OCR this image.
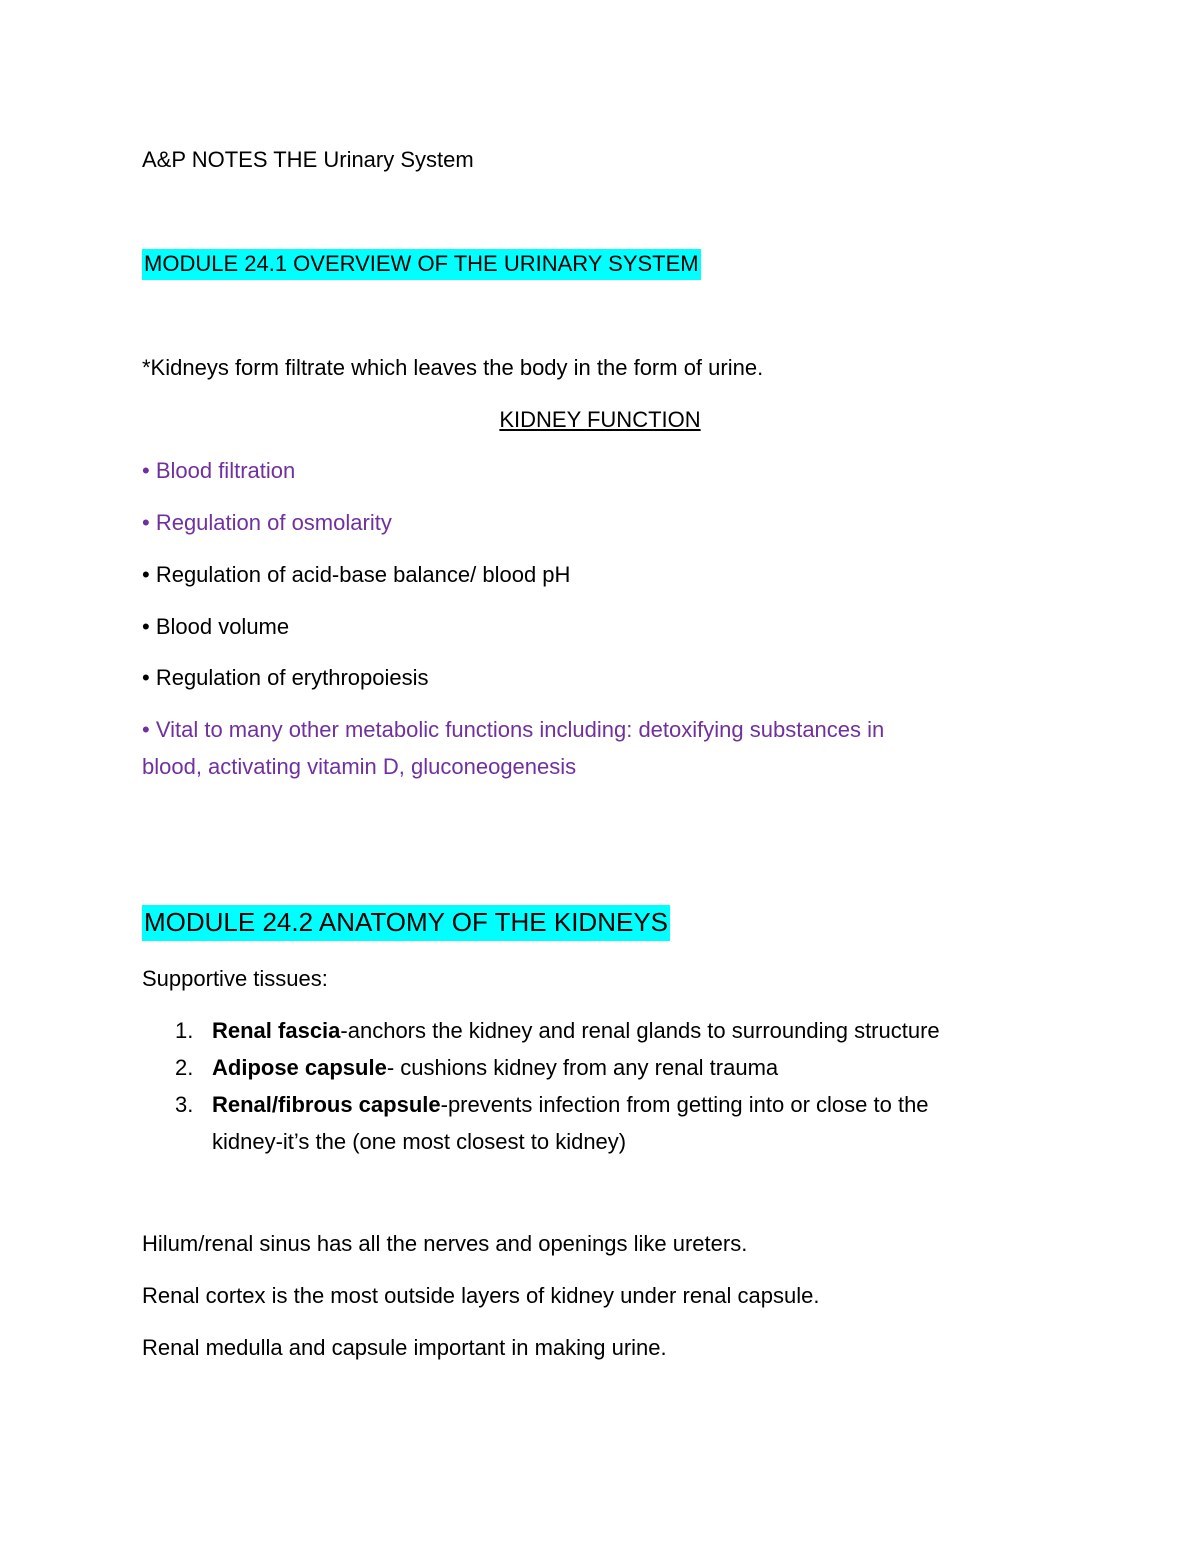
A&P NOTES THE Urinary System
MODULE 24.1 OVERVIEW OF THE URINARY SYSTEM
*Kidneys form filtrate which leaves the body in the form of urine.
KIDNEY FUNCTION
• Blood filtration
• Regulation of osmolarity
• Regulation of acid-base balance/ blood pH
• Blood volume
• Regulation of erythropoiesis
• Vital to many other metabolic functions including: detoxifying substances in
blood, activating vitamin D, gluconeogenesis
MODULE 24.2 ANATOMY OF THE KIDNEYS
Supportive tissues:
1. Renal fascia-anchors the kidney and renal glands to surrounding structure
2. Adipose capsule- cushions kidney from any renal trauma
3. Renal/fibrous capsule-prevents infection from getting into or close to the
kidney-it’s the (one most closest to kidney)
Hilum/renal sinus has all the nerves and openings like ureters.
Renal cortex is the most outside layers of kidney under renal capsule.
Renal medulla and capsule important in making urine.
